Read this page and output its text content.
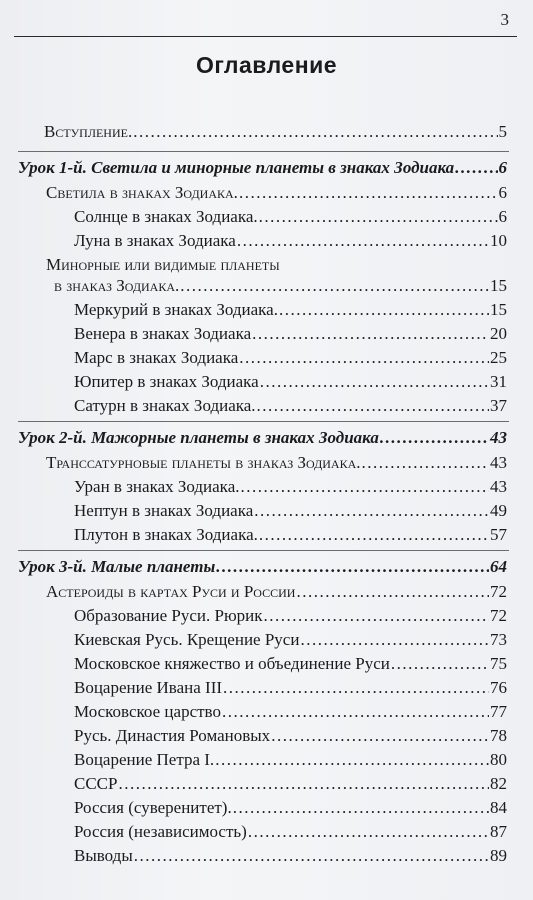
3
Оглавление
Вступление. .....	5
Урок 1-й. Светила и минорные планеты в знаках Зодиака .....	6
Светила в знаках Зодиака. .....	6
Солнце в знаках Зодиака. .....	6
Луна в знаках Зодиака .....	10
Минорные или видимые планеты
в знаказ Зодиака. .....	15
Меркурий в знаках Зодиака. .....	15
Венера в знаках Зодиака .....	20
Марс в знаках Зодиака .....	25
Юпитер в знаках Зодиака .....	31
Сатурн в знаках Зодиака. .....	37
Урок 2-й. Мажорные планеты в знаках Зодиака .....	43
Транссатурновые планеты в знаказ Зодиака. .....	43
Уран в знаках Зодиака. .....	43
Нептун в знаках Зодиака .....	49
Плутон в знаках Зодиака. .....	57
Урок 3-й. Малые планеты .....	64
Астероиды в картах Руси и России .....	72
Образование Руси. Рюрик .....	72
Киевская Русь. Крещение Руси .....	73
Московское княжество и объединение Руси .....	75
Воцарение Ивана III .....	76
Московское царство .....	77
Русь. Династия Романовых .....	78
Воцарение Петра I. .....	80
СССР .....	82
Россия (суверенитет). .....	84
Россия (независимость) .....	87
Выводы .....	89
